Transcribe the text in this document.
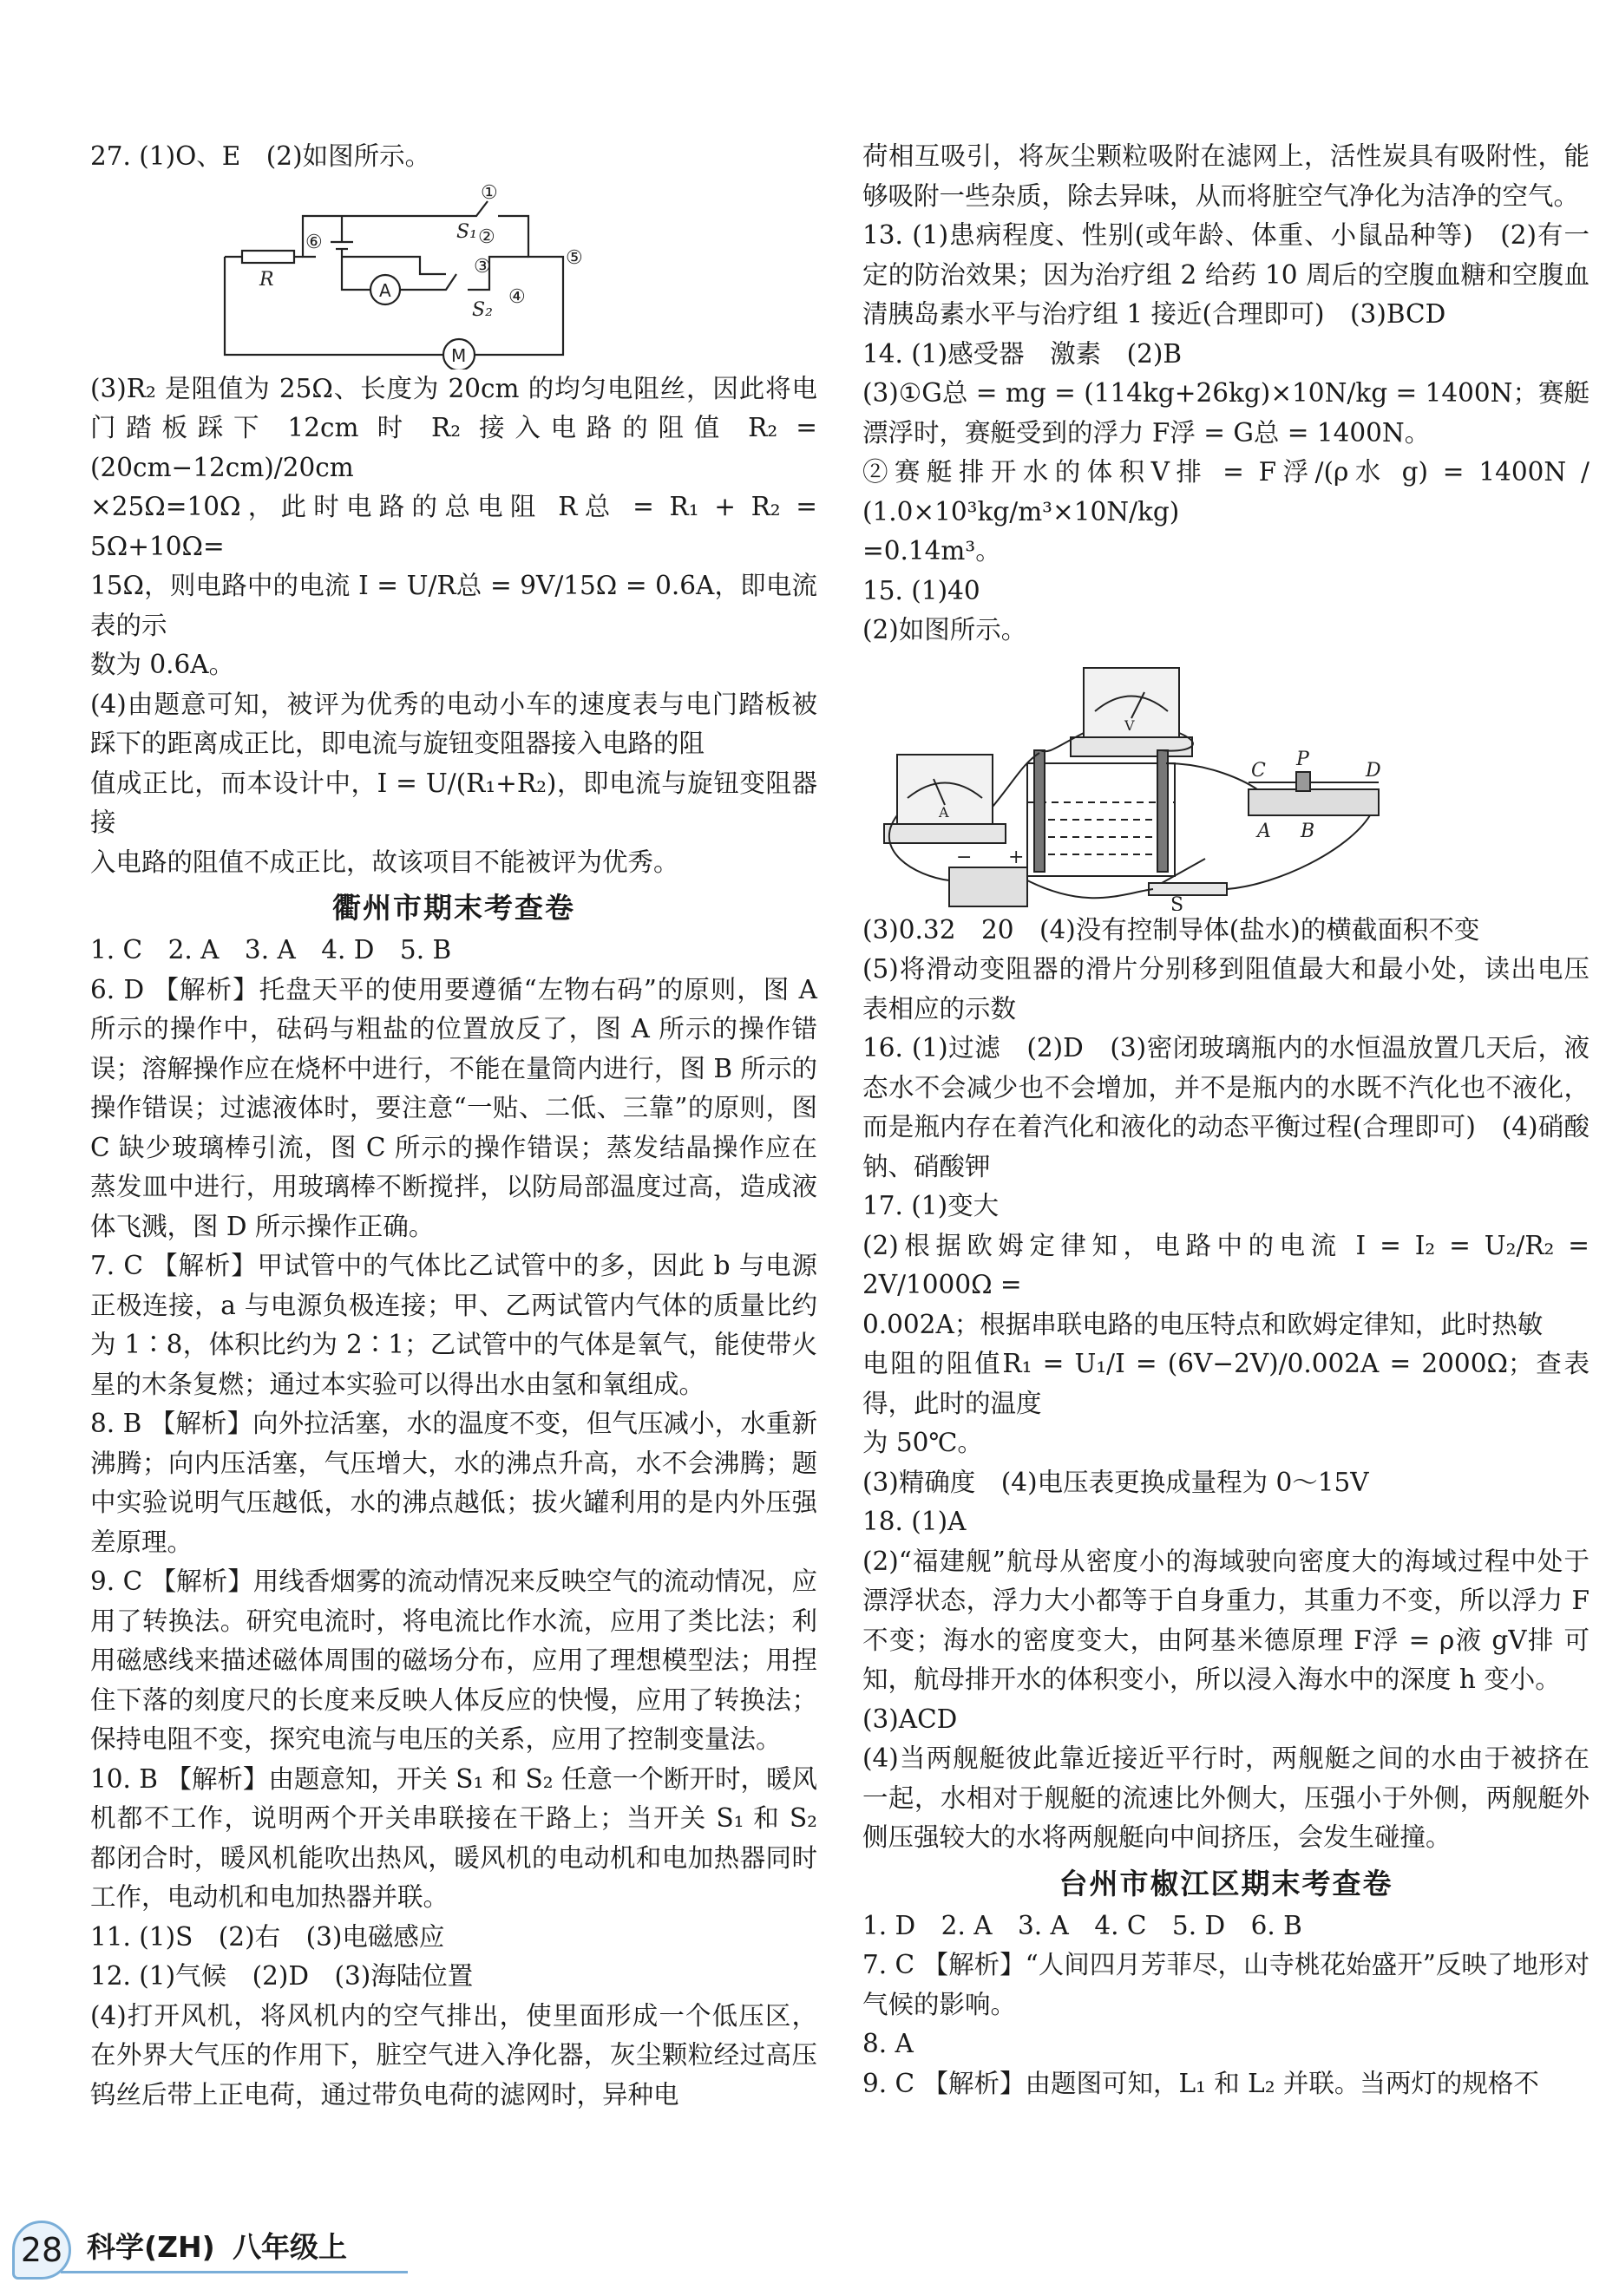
27. (1)O、E　(2)如图所示。

①
②
③
④
⑤
⑥	S₁
S₂
R	A
M

(3)R₂ 是阻值为 25Ω、长度为 20cm 的均匀电阻丝，因此将电门踏板踩下 12cm 时 R₂ 接入电路的阻值 R₂ = (20cm−12cm)/20cm

×25Ω=10Ω，此时电路的总电阻 R总 = R₁ + R₂ = 5Ω+10Ω=

15Ω，则电路中的电流 I = U/R总 = 9V/15Ω = 0.6A，即电流表的示

数为 0.6A。

(4)由题意可知，被评为优秀的电动小车的速度表与电门踏板被踩下的距离成正比，即电流与旋钮变阻器接入电路的阻

值成正比，而本设计中，I = U/(R₁+R₂)，即电流与旋钮变阻器接

入电路的阻值不成正比，故该项目不能被评为优秀。

衢州市期末考查卷

1. C　2. A　3. A　4. D　5. B

6. D 【解析】托盘天平的使用要遵循“左物右码”的原则，图 A 所示的操作中，砝码与粗盐的位置放反了，图 A 所示的操作错误；溶解操作应在烧杯中进行，不能在量筒内进行，图 B 所示的操作错误；过滤液体时，要注意“一贴、二低、三靠”的原则，图 C 缺少玻璃棒引流，图 C 所示的操作错误；蒸发结晶操作应在蒸发皿中进行，用玻璃棒不断搅拌，以防局部温度过高，造成液体飞溅，图 D 所示操作正确。

7. C 【解析】甲试管中的气体比乙试管中的多，因此 b 与电源正极连接，a 与电源负极连接；甲、乙两试管内气体的质量比约为 1∶8，体积比约为 2∶1；乙试管中的气体是氧气，能使带火星的木条复燃；通过本实验可以得出水由氢和氧组成。

8. B 【解析】向外拉活塞，水的温度不变，但气压减小，水重新沸腾；向内压活塞，气压增大，水的沸点升高，水不会沸腾；题中实验说明气压越低，水的沸点越低；拔火罐利用的是内外压强差原理。

9. C 【解析】用线香烟雾的流动情况来反映空气的流动情况，应用了转换法。研究电流时，将电流比作水流，应用了类比法；利用磁感线来描述磁体周围的磁场分布，应用了理想模型法；用捏住下落的刻度尺的长度来反映人体反应的快慢，应用了转换法；保持电阻不变，探究电流与电压的关系，应用了控制变量法。

10. B 【解析】由题意知，开关 S₁ 和 S₂ 任意一个断开时，暖风机都不工作，说明两个开关串联接在干路上；当开关 S₁ 和 S₂ 都闭合时，暖风机能吹出热风，暖风机的电动机和电加热器同时工作，电动机和电加热器并联。

11. (1)S　(2)右　(3)电磁感应

12. (1)气候　(2)D　(3)海陆位置

(4)打开风机，将风机内的空气排出，使里面形成一个低压区，在外界大气压的作用下，脏空气进入净化器，灰尘颗粒经过高压钨丝后带上正电荷，通过带负电荷的滤网时，异种电

荷相互吸引，将灰尘颗粒吸附在滤网上，活性炭具有吸附性，能够吸附一些杂质，除去异味，从而将脏空气净化为洁净的空气。

13. (1)患病程度、性别(或年龄、体重、小鼠品种等)　(2)有一定的防治效果；因为治疗组 2 给药 10 周后的空腹血糖和空腹血清胰岛素水平与治疗组 1 接近(合理即可)　(3)BCD

14. (1)感受器　激素　(2)B

(3)①G总 = mg = (114kg+26kg)×10N/kg = 1400N；赛艇漂浮时，赛艇受到的浮力 F浮 = G总 = 1400N。

②赛艇排开水的体积V排 = F浮/(ρ水 g) = 1400N / (1.0×10³kg/m³×10N/kg)

=0.14m³。

15. (1)40

(2)如图所示。

C
P
D
A B
S
V
A
+
−

(3)0.32　20　(4)没有控制导体(盐水)的横截面积不变

(5)将滑动变阻器的滑片分别移到阻值最大和最小处，读出电压表相应的示数

16. (1)过滤　(2)D　(3)密闭玻璃瓶内的水恒温放置几天后，液态水不会减少也不会增加，并不是瓶内的水既不汽化也不液化，而是瓶内存在着汽化和液化的动态平衡过程(合理即可)　(4)硝酸钠、硝酸钾

17. (1)变大

(2)根据欧姆定律知，电路中的电流 I = I₂ = U₂/R₂ = 2V/1000Ω =

0.002A；根据串联电路的电压特点和欧姆定律知，此时热敏

电阻的阻值R₁ = U₁/I = (6V−2V)/0.002A = 2000Ω；查表得，此时的温度

为 50℃。

(3)精确度　(4)电压表更换成量程为 0～15V

18. (1)A

(2)“福建舰”航母从密度小的海域驶向密度大的海域过程中处于漂浮状态，浮力大小都等于自身重力，其重力不变，所以浮力 F 不变；海水的密度变大，由阿基米德原理 F浮 = ρ液 gV排 可知，航母排开水的体积变小，所以浸入海水中的深度 h 变小。

(3)ACD

(4)当两舰艇彼此靠近接近平行时，两舰艇之间的水由于被挤在一起，水相对于舰艇的流速比外侧大，压强小于外侧，两舰艇外侧压强较大的水将两舰艇向中间挤压，会发生碰撞。

台州市椒江区期末考查卷

1. D　2. A　3. A　4. C　5. D　6. B

7. C 【解析】“人间四月芳菲尽，山寺桃花始盛开”反映了地形对气候的影响。

8. A

9. C 【解析】由题图可知，L₁ 和 L₂ 并联。当两灯的规格不

28 科学(ZH) 八年级上
